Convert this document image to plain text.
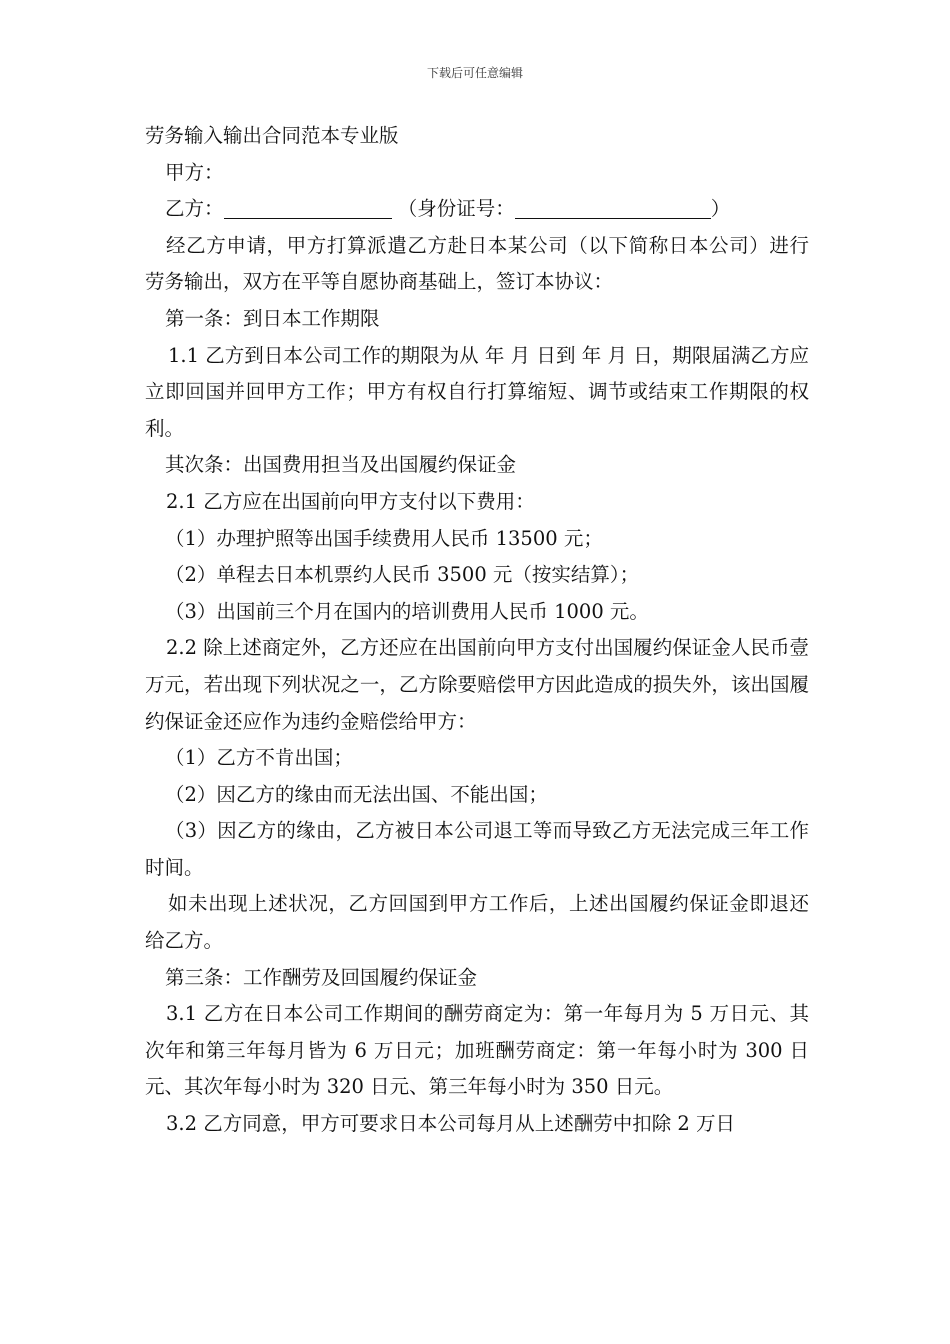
下载后可任意编辑

劳务输入输出合同范本专业版

甲方：

乙方：	（身份证号：	）

经乙方申请，甲方打算派遣乙方赴日本某公司（以下简称日本公司）进行劳务输出，双方在平等自愿协商基础上，签订本协议：

第一条：到日本工作期限

1.1 乙方到日本公司工作的期限为从 年 月 日到 年 月 日，期限届满乙方应立即回国并回甲方工作；甲方有权自行打算缩短、调节或结束工作期限的权利。

其次条：出国费用担当及出国履约保证金

2.1 乙方应在出国前向甲方支付以下费用：

（1）办理护照等出国手续费用人民币 13500 元；

（2）单程去日本机票约人民币 3500 元（按实结算）；

（3）出国前三个月在国内的培训费用人民币 1000 元。

2.2 除上述商定外，乙方还应在出国前向甲方支付出国履约保证金人民币壹万元，若出现下列状况之一，乙方除要赔偿甲方因此造成的损失外，该出国履约保证金还应作为违约金赔偿给甲方：

（1）乙方不肯出国；

（2）因乙方的缘由而无法出国、不能出国；

（3）因乙方的缘由，乙方被日本公司退工等而导致乙方无法完成三年工作时间。

如未出现上述状况，乙方回国到甲方工作后，上述出国履约保证金即退还给乙方。

第三条：工作酬劳及回国履约保证金

3.1 乙方在日本公司工作期间的酬劳商定为：第一年每月为 5 万日元、其次年和第三年每月皆为 6 万日元；加班酬劳商定：第一年每小时为 300 日元、其次年每小时为 320 日元、第三年每小时为 350 日元。

3.2 乙方同意，甲方可要求日本公司每月从上述酬劳中扣除 2 万日
